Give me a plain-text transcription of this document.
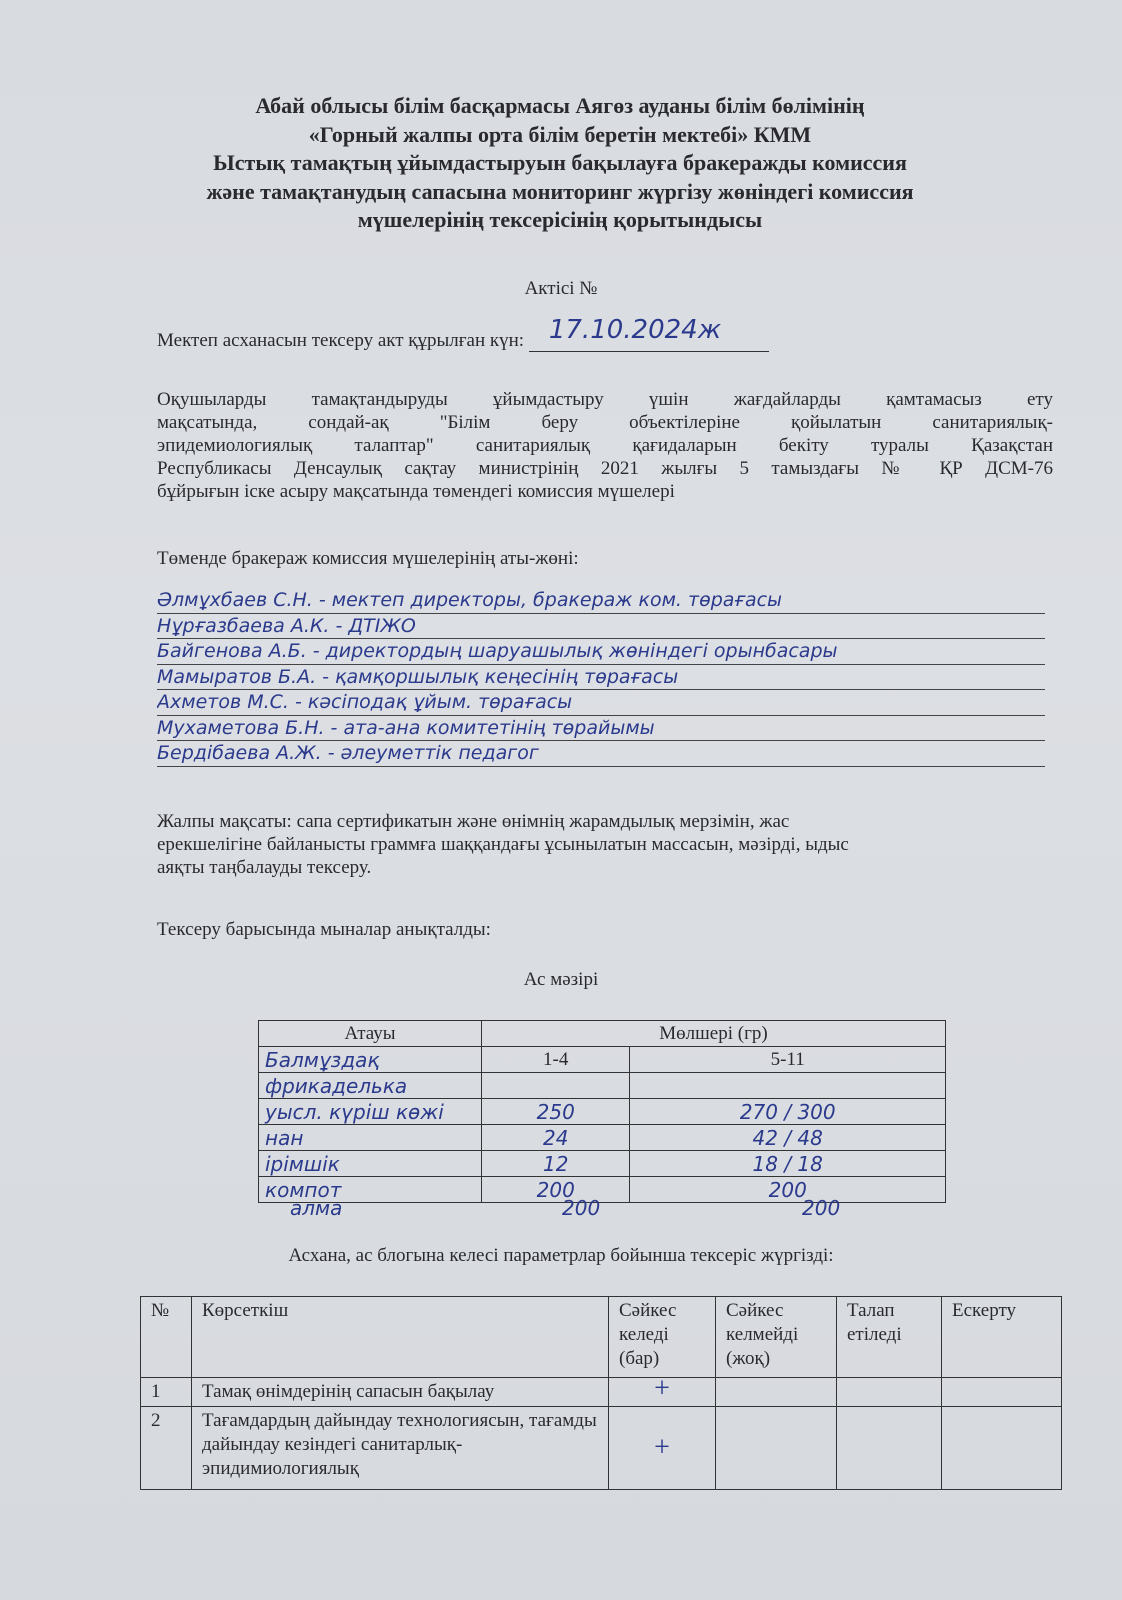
Абай облысы білім басқармасы Аягөз ауданы білім бөлімінің
«Горный жалпы орта білім беретін мектебі» КММ
Ыстық тамақтың ұйымдастыруын бақылауға бракеражды комиссия
және тамақтанудың сапасына мониторинг жүргізу жөніндегі комиссия
мүшелерінің тексерісінің қорытындысы
Актісі №
Мектеп асханасын тексеру акт құрылған күн: 17.10.2024ж
Оқушыларды тамақтандыруды ұйымдастыру үшін жағдайларды қамтамасыз ету
мақсатында, сондай-ақ "Білім беру объектілеріне қойылатын санитариялық-
эпидемиологиялық талаптар" санитариялық қағидаларын бекіту туралы Қазақстан
Республикасы Денсаулық сақтау министрінің 2021 жылғы 5 тамыздағы № ҚР ДСМ-76
бұйрығын іске асыру мақсатында төмендегі комиссия мүшелері
Төменде бракераж комиссия мүшелерінің аты-жөні:
Әлмұхбаев С.Н. - мектеп директоры, бракераж ком. төрағасы
Нұрғазбаева А.К. - ДТІЖО
Байгенова А.Б. - директордың шаруашылық жөніндегі орынбасары
Мамыратов Б.А. - қамқоршылық кеңесінің төрағасы
Ахметов М.С. - кәсіподақ ұйым. төрағасы
Мухаметова Б.Н. - ата-ана комитетінің төрайымы
Бердібаева А.Ж. - әлеуметтік педагог
Жалпы мақсаты: сапа сертификатын және өнімнің жарамдылық мерзімін, жас
ерекшелігіне байланысты граммға шаққандағы ұсынылатын массасын, мәзірді, ыдыс
аяқты таңбалауды тексеру.
Тексеру барысында мыналар анықталды:
Ас мәзірі
Атауы	Мөлшері (гр)	
Балмұздақ	1-4	5-11
фрикаделька		
уысл. күріш көжі	250	270 / 300
нан	24	42 / 48
ірімшік	12	18 / 18
компот	200	200
алма	200	200
Асхана, ас блогына келесі параметрлар бойынша тексеріс жүргізді:
№	Көрсеткіш	Сәйкес келеді (бар)	Сәйкес келмейді (жоқ)	Талап етіледі	Ескерту
1	Тамақ өнімдерінің сапасын бақылау	+			
2	Тағамдардың дайындау технологиясын, тағамды дайындау кезіндегі санитарлық-эпидимиологиялық	+			
